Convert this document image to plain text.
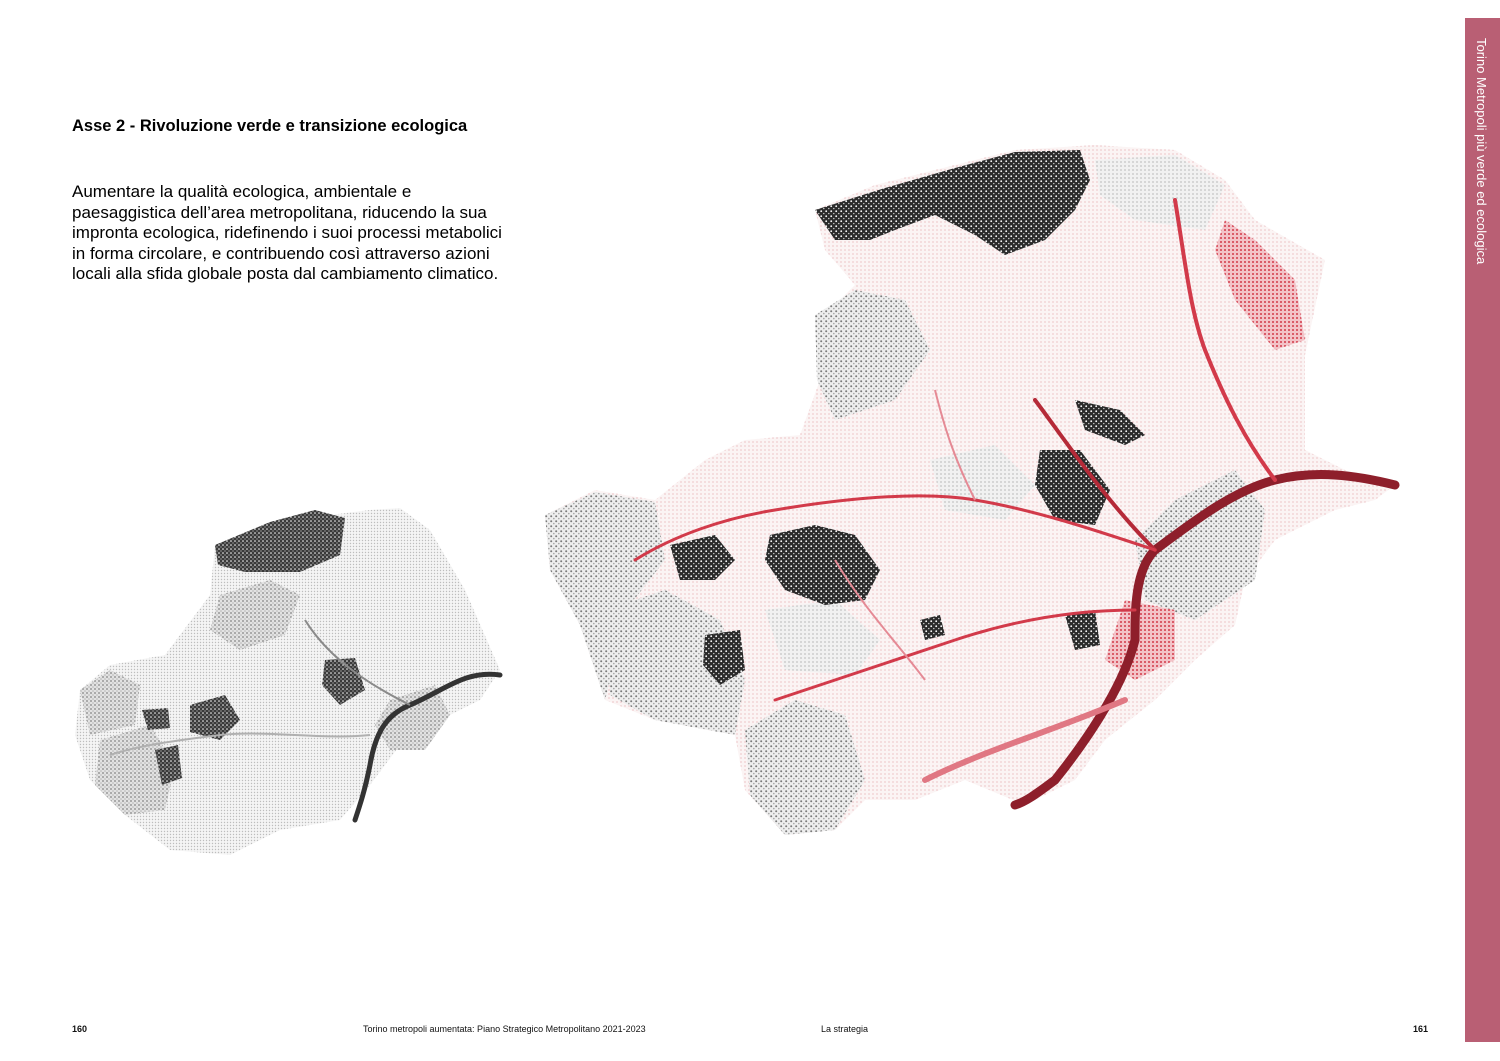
Torino Metropoli più verde ed ecologica
Asse 2 - Rivoluzione verde e transizione ecologica

Aumentare la qualità ecologica, ambientale e paesaggistica dell’area metropolitana, riducendo la sua impronta ecologica, ridefinendo i suoi processi metabolici in forma circolare, e contribuendo così attraverso azioni locali alla sfida globale posta dal cambiamento climatico.

160	Torino metropoli aumentata: Piano Strategico Metropolitano 2021-2023	La strategia	161
